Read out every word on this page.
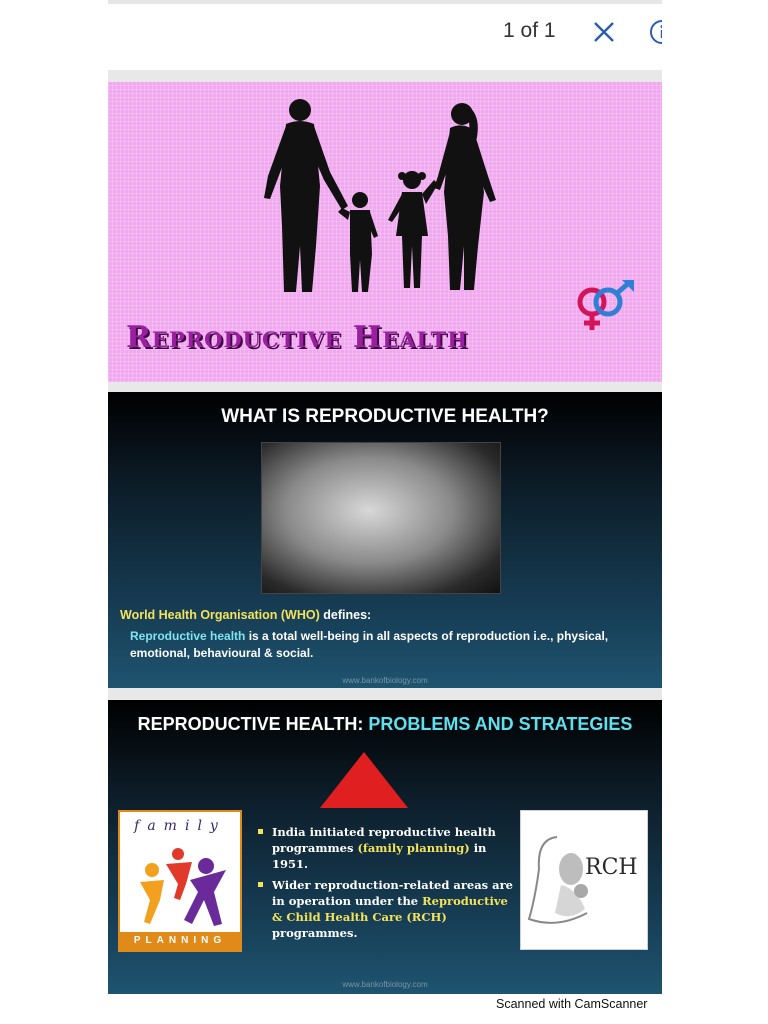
1 of 1
Reproductive Health
WHAT IS REPRODUCTIVE HEALTH?
World Health Organisation (WHO) defines:
Reproductive health is a total well-being in all aspects of reproduction i.e., physical, emotional, behavioural & social.
www.bankofbiology.com
REPRODUCTIVE HEALTH: PROBLEMS AND STRATEGIES
family
PLANNING
India initiated reproductive health programmes (family planning) in 1951.
Wider reproduction-related areas are in operation under the Reproductive & Child Health Care (RCH) programmes.
RCH
www.bankofbiology.com
Scanned with CamScanner
